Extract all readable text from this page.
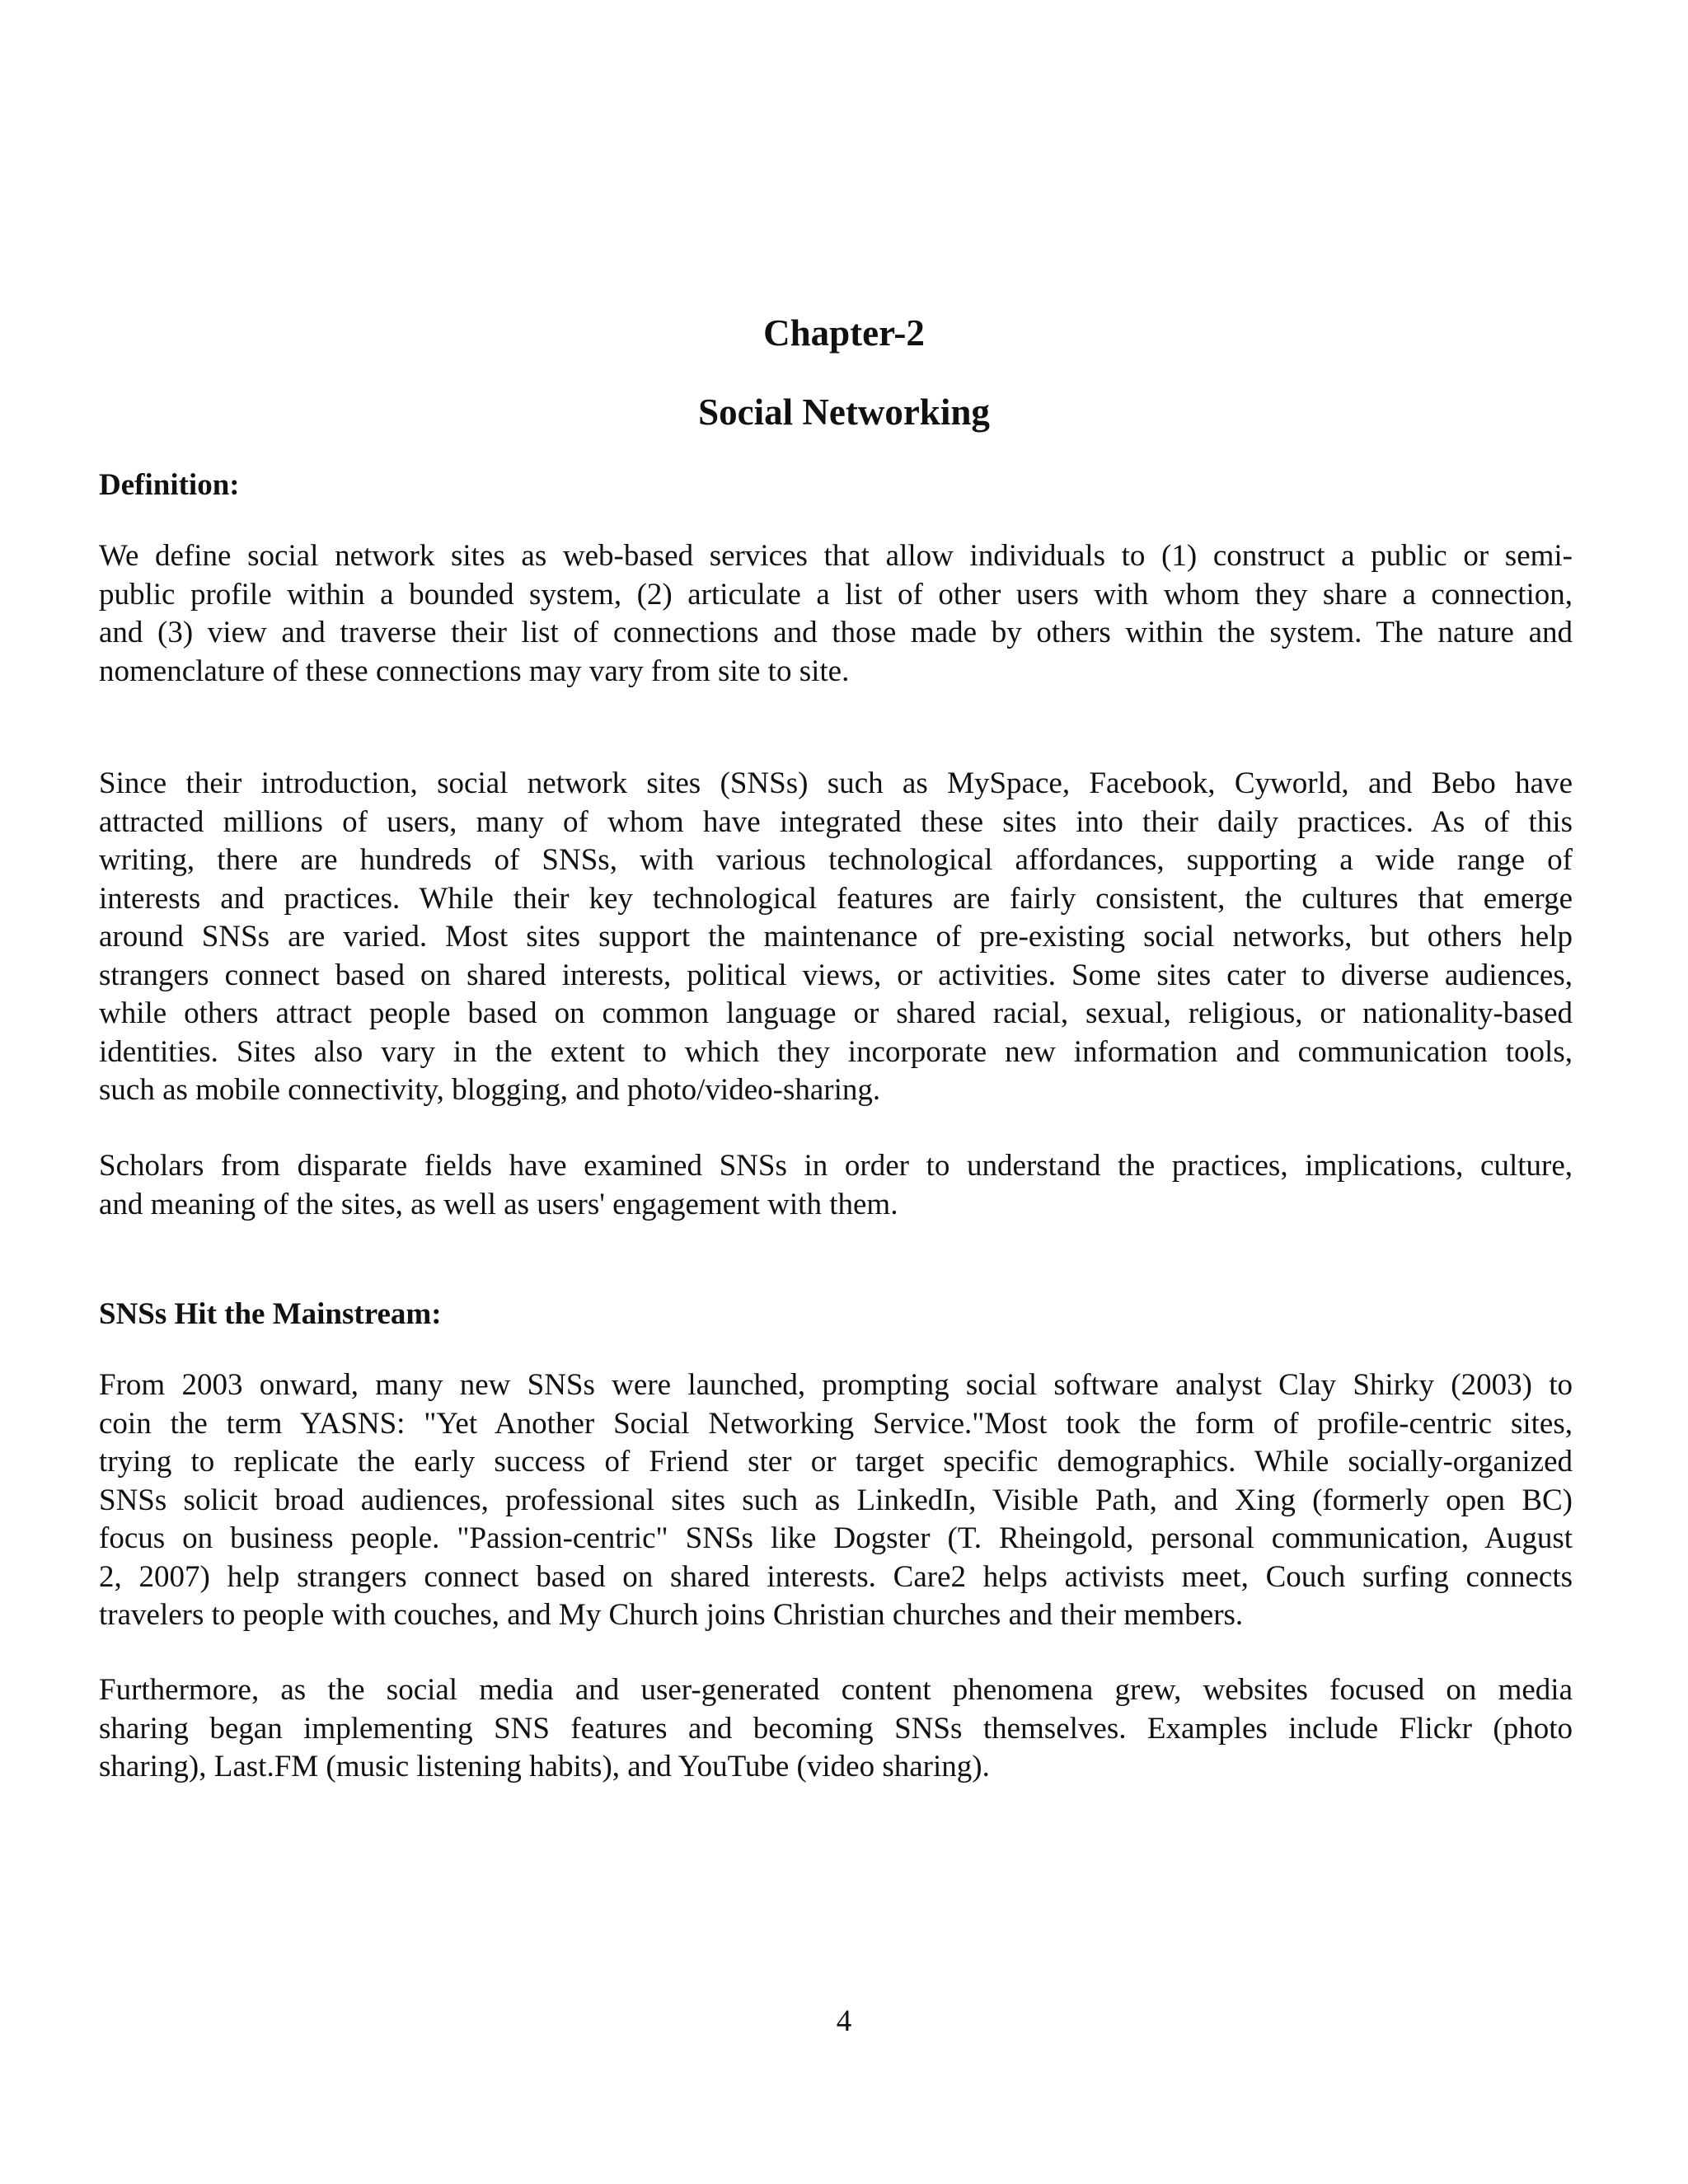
Chapter-2
Social Networking
Definition:
We define social network sites as web-based services that allow individuals to (1) construct a public or semi-
public profile within a bounded system, (2) articulate a list of other users with whom they share a connection,
and (3) view and traverse their list of connections and those made by others within the system. The nature and
nomenclature of these connections may vary from site to site.
Since their introduction, social network sites (SNSs) such as MySpace, Facebook, Cyworld, and Bebo have
attracted millions of users, many of whom have integrated these sites into their daily practices. As of this
writing, there are hundreds of SNSs, with various technological affordances, supporting a wide range of
interests and practices. While their key technological features are fairly consistent, the cultures that emerge
around SNSs are varied. Most sites support the maintenance of pre-existing social networks, but others help
strangers connect based on shared interests, political views, or activities. Some sites cater to diverse audiences,
while others attract people based on common language or shared racial, sexual, religious, or nationality-based
identities. Sites also vary in the extent to which they incorporate new information and communication tools,
such as mobile connectivity, blogging, and photo/video-sharing.
Scholars from disparate fields have examined SNSs in order to understand the practices, implications, culture,
and meaning of the sites, as well as users' engagement with them.
SNSs Hit the Mainstream:
From 2003 onward, many new SNSs were launched, prompting social software analyst Clay Shirky (2003) to
coin the term YASNS: "Yet Another Social Networking Service."Most took the form of profile-centric sites,
trying to replicate the early success of Friend ster or target specific demographics. While socially-organized
SNSs solicit broad audiences, professional sites such as LinkedIn, Visible Path, and Xing (formerly open BC)
focus on business people. "Passion-centric" SNSs like Dogster (T. Rheingold, personal communication, August
2, 2007) help strangers connect based on shared interests. Care2 helps activists meet, Couch surfing connects
travelers to people with couches, and My Church joins Christian churches and their members.
Furthermore, as the social media and user-generated content phenomena grew, websites focused on media
sharing began implementing SNS features and becoming SNSs themselves. Examples include Flickr (photo
sharing), Last.FM (music listening habits), and YouTube (video sharing).
4
